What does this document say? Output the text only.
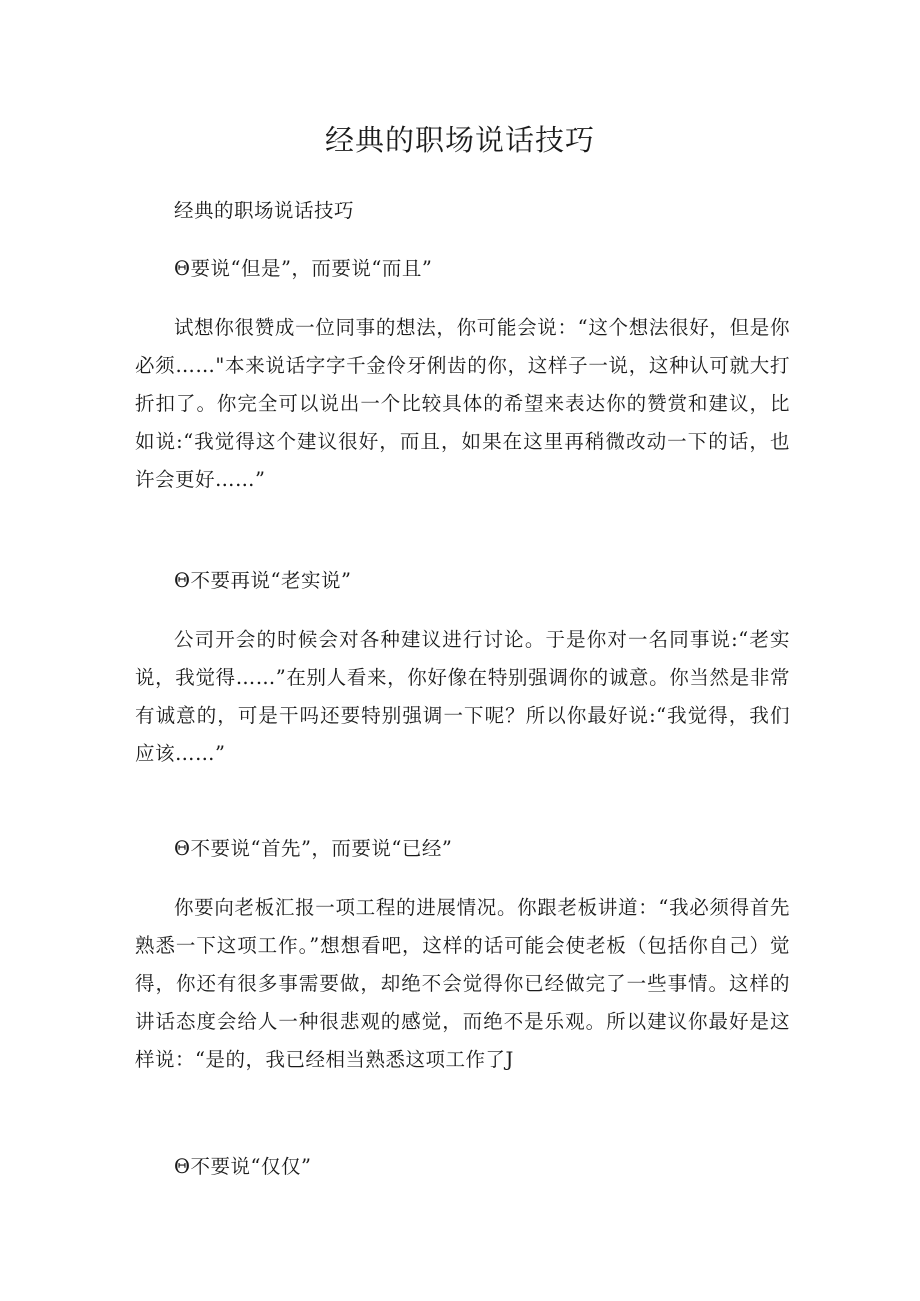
经典的职场说话技巧

经典的职场说话技巧

Θ要说“但是”，而要说“而且”

试想你很赞成一位同事的想法，你可能会说：“这个想法很好，但是你必须……"本来说话字字千金伶牙俐齿的你，这样子一说，这种认可就大打折扣了。你完全可以说出一个比较具体的希望来表达你的赞赏和建议，比如说:“我觉得这个建议很好，而且，如果在这里再稍微改动一下的话，也许会更好……”

Θ不要再说“老实说”

公司开会的时候会对各种建议进行讨论。于是你对一名同事说:“老实说，我觉得……”在别人看来，你好像在特别强调你的诚意。你当然是非常有诚意的，可是干吗还要特别强调一下呢？所以你最好说:“我觉得，我们应该……”

Θ不要说“首先”，而要说“已经”

你要向老板汇报一项工程的进展情况。你跟老板讲道：“我必须得首先熟悉一下这项工作。”想想看吧，这样的话可能会使老板（包括你自己）觉得，你还有很多事需要做，却绝不会觉得你已经做完了一些事情。这样的讲话态度会给人一种很悲观的感觉，而绝不是乐观。所以建议你最好是这样说：“是的，我已经相当熟悉这项工作了J

Θ不要说“仅仅”
